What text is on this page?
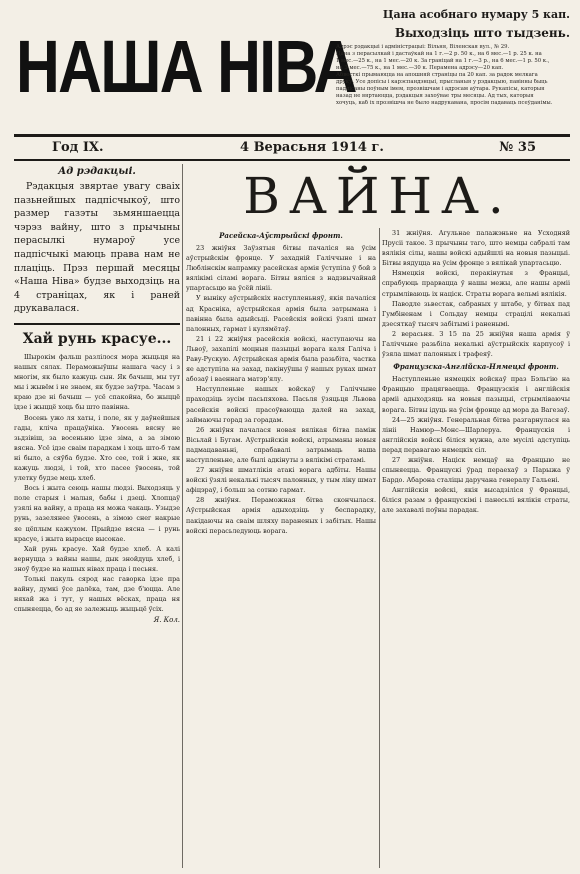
НАША НІВА
Цана асобнаго нумару 5 кап.
Выходзіць што тыдзень.
Адрэс рэдакцыі і адміністрацыі: Вільня, Віленская вул., № 29.
Цана з перасылкай і дастаўкай на 1 г.—2 р. 50 к., на 6 мес.—1 р. 25 к. на
1 мес.—25 к., на 1 мес.—20 к. За граніцай на 1 г.—3 р., на 6 мес.—1 р. 50 к.,
на 3 мес.—75 к., на 1 мес.—30 к. Перамена адрэсу—20 кап.
Абвесткі прымаюцца на апошняй страніцы па 20 кап. за радок мелкага
друку. Усе допісы і карэспандэнцыі, прысланыя у рэдакцыю, павінны быць
падпісаны поўным імем, прозвішчам і адрэсам аўтара. Рукапісы, каторыя
назад не вяртаюцца, рэдакцыя захоўвае тры месяцы. Ад тых, каторыя
хочуць, каб іх прозвішча не было надрукавана, просім падаваць псеўданімы.
Год IX.	4 Верасьня 1914 г.	№ 35
Ад рэдакцыі.
Рэдакцыя звяртае увагу сваіх пазьнейшых падпісчыкоў, што размер газэты зьмяншаецца чэрэз вайну, што з прычыны перасылкі нумароў усе падпісчыкі маюць права нам не плаціць. Прэз першай месяцы «Наша Ніва» будзе выходзіць на 4 страніцах, як і раней друкавалася.
Хай рунь красуе...

Шырокім фальш разлілося мора жыцьця на нашых сялах. Пераможыўшы нашага часу і з многім, як было кажуць сын. Як бачыш, мы тут мы і жывём і не знаем, як будзе заўтра. Часам з краю дзе ні бачыш — усё спакойна, бо жыццё ідзе і жыццё хоць бы што павінна.

Восень ужо ля хаты, і поле, як у даўнейшыя гады, кліча працаўніка. Увосень вясну не зьдзівіш, за восеньню ідзе зіма, а за зімою вясна. Усё ідзе сваім парадкам і хоць што-б там ні было, а сяўба будзе. Хто сее, той і жне, як кажуць людзі, і той, хто пасее ўвосень, той улетку будзе мець хлеб.

Вось і жыта сеюць нашы людзі. Выходзяць у поле старыя і малыя, бабы і дзеці. Хлопцаў узялі на вайну, а праца ня можа чакаць. Узыдзе рунь, зазелянее ўвосень, а зімою снег накрые яе цёплым кажухом. Прыйдзе вясна — і рунь красуе, і жыта вырасце высокае.

Хай рунь красуе. Хай будзе хлеб. А калі вернуцца з вайны нашы, дык знойдуць хлеб, і зноў будзе на нашых нівах праца і песьня.

Толькі пакуль сярод нас гаворка ідзе пра вайну, думкі ўсе далёка, там, дзе б'юцца. Але няхай жа і тут, у нашых вёсках, праца ня спыняецца, бо ад яе залежыць жыцьцё ўсіх.

Я. Кол.
ВАЙНА.
Расейска-Аўстрыйскі фронт.

23 жніўня Заўзятыя бітвы пачаліся на ўсім аўстрыйскім фронце. У захадній Галіччыне і на Люблінскім напрамку расейская армія ўступіла ў бой з вялікімі сіламі ворага. Бітвы вяліся з надзвычайнай упартасьцю на ўсёй лініі.

У выніку аўстрыйскіх наступленьняў, якія пачаліся ад Красніка, аўстрыйская армія была затрымана і павінна была адыйсьці. Расейскія войскі ўзялі шмат палонных, гармат і кулямётаў.

21 і 22 жніўня расейскія войскі, наступаючы на Львоў, захапілі моцныя пазыцыі ворага каля Галіча і Раву-Рускую. Аўстрыйская армія была разьбіта, частка яе адступіла на захад, пакінуўшы ў нашых руках шмат абозаў і ваеннага матэр'ялу.

Наступленьне нашых войскаў у Галіччыне праходзіць зусім пасьпяхова. Пасьля ўзяцьця Львова расейскія войскі прасоўваюцца далей на захад, займаючы горад за горадам.

26 жніўня пачалася новая вялікая бітва паміж Вісьлай і Бугам. Аўстрыйскія войскі, атрыманы новыя падмацаваньні, спрабавалі затрымаць наша наступленьне, але былі адкінуты з вялікімі стратамі.

27 жніўня шматлікія атакі ворага адбіты. Нашы войскі ўзялі некалькі тысяч палонных, у тым ліку шмат афіцэраў, і больш за сотню гармат.

28 жніўня. Пераможная бітва скончылася. Аўстрыйская армія адыходзіць у беспарадку, пакідаючы на сваім шляху параненых і забітых. Нашы войскі перасьледуюць ворага.

31 жніўня. Агульнае палажэньне на Усходняй Прусіі такое. З прычыны таго, што немцы сабралі там вялікія сілы, нашы войскі адыйшлі на новыя пазыцыі. Бітвы вядуцца на ўсім фронце з вялікай упартасьцю.

Нямецкія войскі, перакінутыя з Францыі, спрабуюць прарвацца ў нашы межы, але нашы арміі стрымліваюць іх націск. Страты ворага вельмі вялікія.

Паводле зьвестак, сабраных у штабе, у бітвах пад Гумбіненам і Сольдау немцы страцілі некалькі дзесяткаў тысяч забітымі і раненымі.

2 верасьня. З 15 па 25 жніўня наша армія ў Галіччыне разьбіла некалькі аўстрыйскіх карпусоў і ўзяла шмат палонных і трафеяў.

Французска-Англійска-Нямецкі фронт.

Наступленьне нямецкіх войскаў праз Бэльгію на Францыю працягваецца. Французскія і англійскія арміі адыходзяць на новыя пазыцыі, стрымліваючы ворага. Бітвы ідуць на ўсім фронце ад мора да Вагезаў.

24—25 жніўня. Генеральная бітва разгарнулася на лініі Намюр—Монс—Шарлеруа. Францускія і англійскія войскі біліся мужна, але мусілі адступіць перад перавагаю нямецкіх сіл.

27 жніўня. Націск немцаў на Францыю не спыняецца. Францускі ўрад пераехаў з Парыжа ў Бардо. Абарона сталіцы даручана генералу Гальені.

Англійскія войскі, якія высадзіліся ў Францыі, біліся разам з францускімі і панесьлі вялікія страты, але захавалі поўны парадак.
